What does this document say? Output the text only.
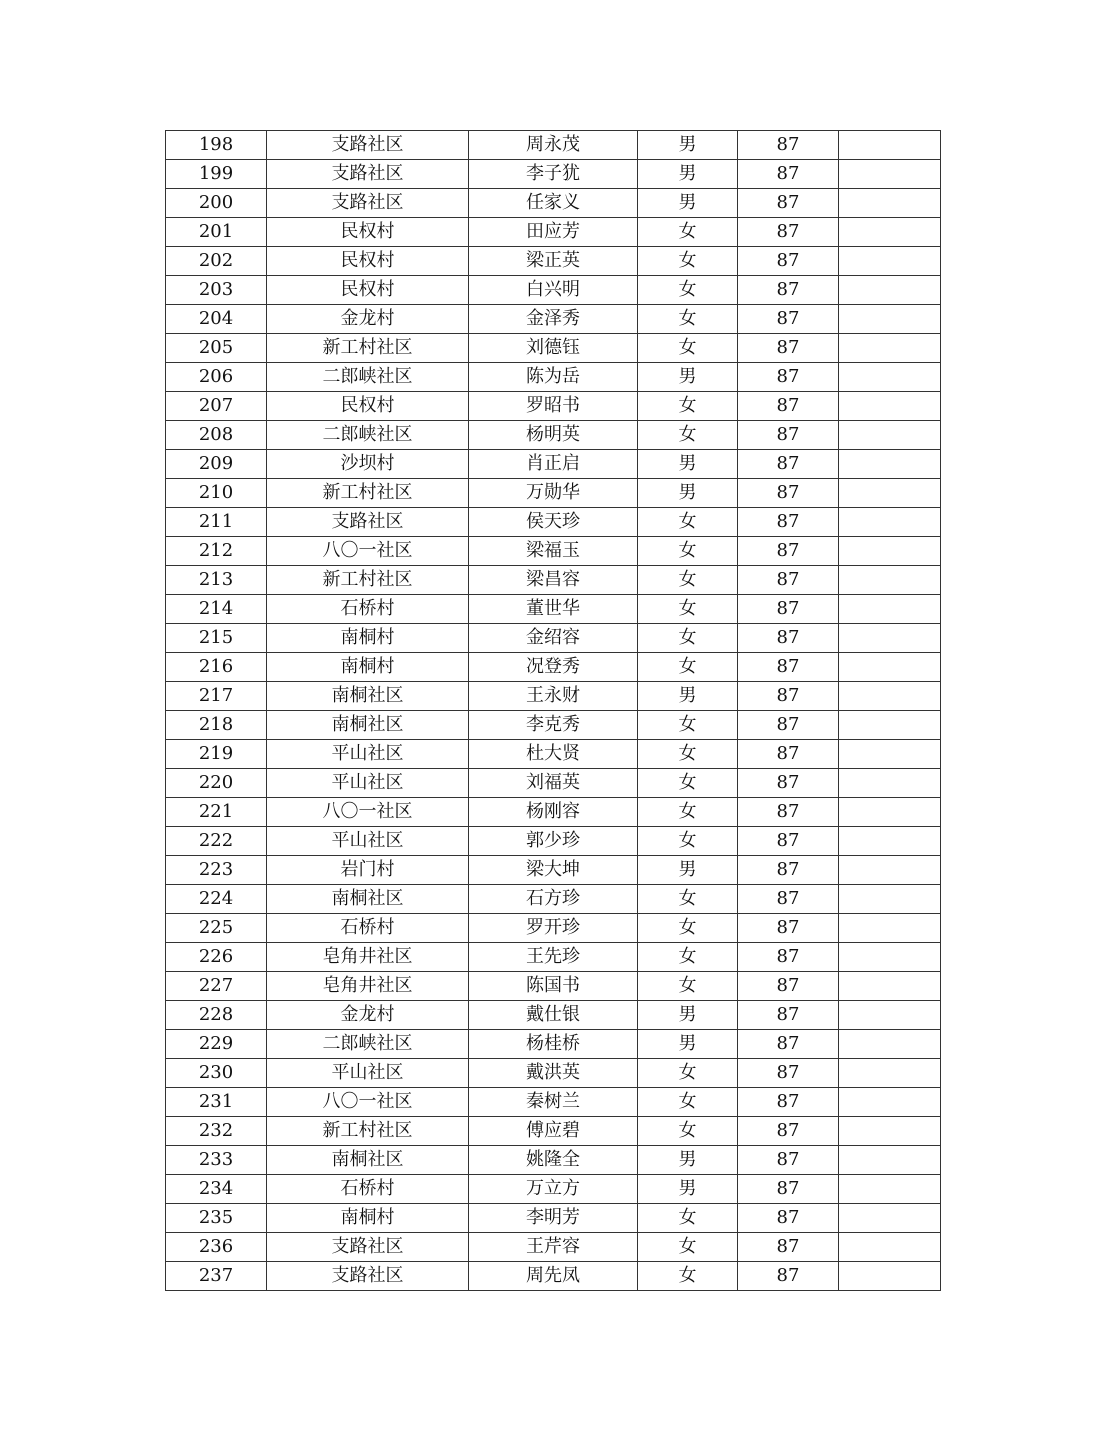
198	支路社区	周永茂	男	87	
199	支路社区	李子犹	男	87	
200	支路社区	任家义	男	87	
201	民权村	田应芳	女	87	
202	民权村	梁正英	女	87	
203	民权村	白兴明	女	87	
204	金龙村	金泽秀	女	87	
205	新工村社区	刘德钰	女	87	
206	二郎峡社区	陈为岳	男	87	
207	民权村	罗昭书	女	87	
208	二郎峡社区	杨明英	女	87	
209	沙坝村	肖正启	男	87	
210	新工村社区	万勋华	男	87	
211	支路社区	侯天珍	女	87	
212	八〇一社区	梁福玉	女	87	
213	新工村社区	梁昌容	女	87	
214	石桥村	董世华	女	87	
215	南桐村	金绍容	女	87	
216	南桐村	况登秀	女	87	
217	南桐社区	王永财	男	87	
218	南桐社区	李克秀	女	87	
219	平山社区	杜大贤	女	87	
220	平山社区	刘福英	女	87	
221	八〇一社区	杨刚容	女	87	
222	平山社区	郭少珍	女	87	
223	岩门村	梁大坤	男	87	
224	南桐社区	石方珍	女	87	
225	石桥村	罗开珍	女	87	
226	皂角井社区	王先珍	女	87	
227	皂角井社区	陈国书	女	87	
228	金龙村	戴仕银	男	87	
229	二郎峡社区	杨桂桥	男	87	
230	平山社区	戴洪英	女	87	
231	八〇一社区	秦树兰	女	87	
232	新工村社区	傅应碧	女	87	
233	南桐社区	姚隆全	男	87	
234	石桥村	万立方	男	87	
235	南桐村	李明芳	女	87	
236	支路社区	王芹容	女	87	
237	支路社区	周先凤	女	87	
